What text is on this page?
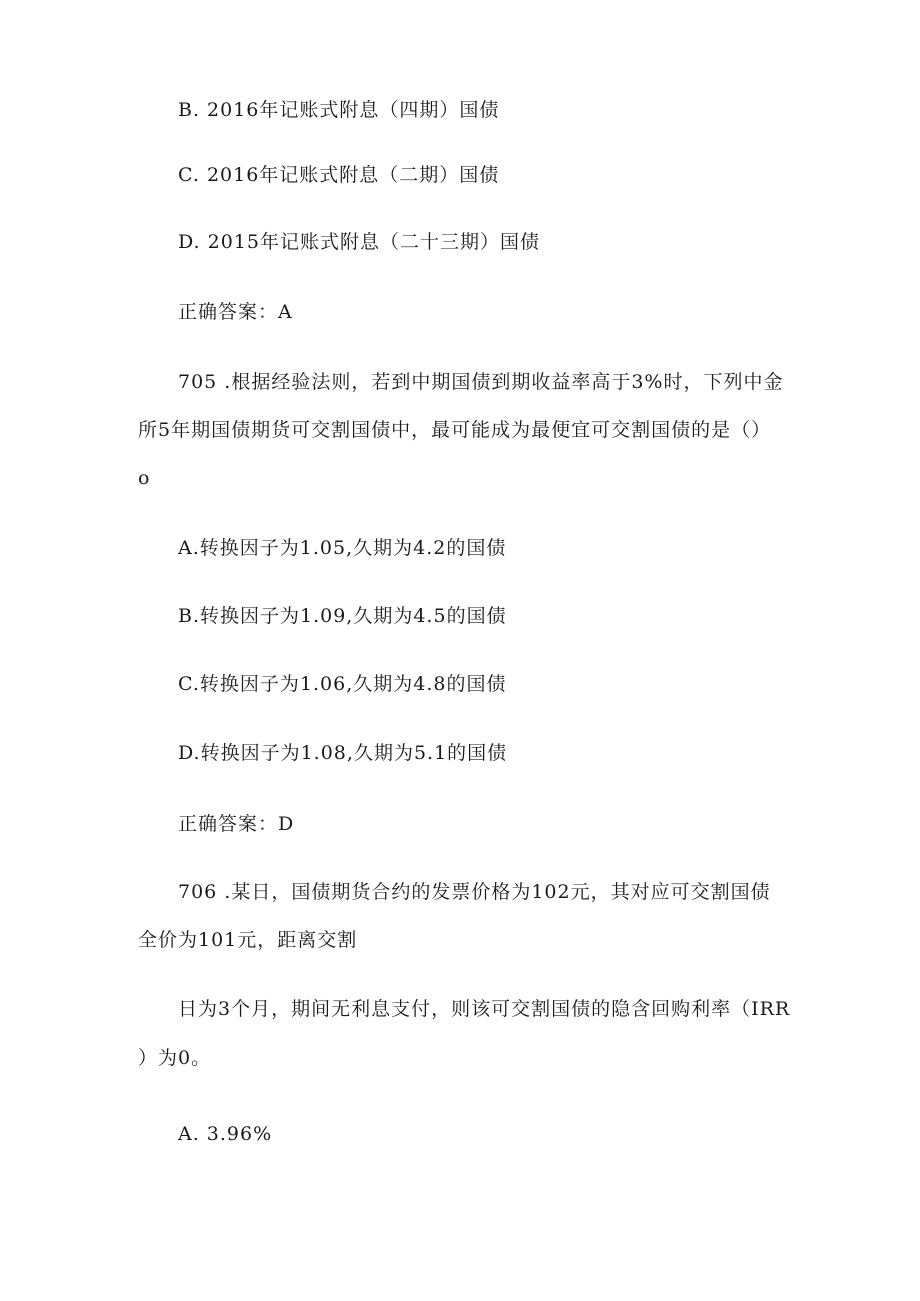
B. 2016年记账式附息（四期）国债
C. 2016年记账式附息（二期）国债
D. 2015年记账式附息（二十三期）国债
正确答案：A
705 .根据经验法则，若到中期国债到期收益率高于3%时，下列中金
所5年期国债期货可交割国债中，最可能成为最便宜可交割国债的是（）
o
A.转换因子为1.05,久期为4.2的国债
B.转换因子为1.09,久期为4.5的国债
C.转换因子为1.06,久期为4.8的国债
D.转换因子为1.08,久期为5.1的国债
正确答案：D
706 .某日，国债期货合约的发票价格为102元，其对应可交割国债
全价为101元，距离交割
日为3个月，期间无利息支付，则该可交割国债的隐含回购利率（IRR
）为0。
A. 3.96%
